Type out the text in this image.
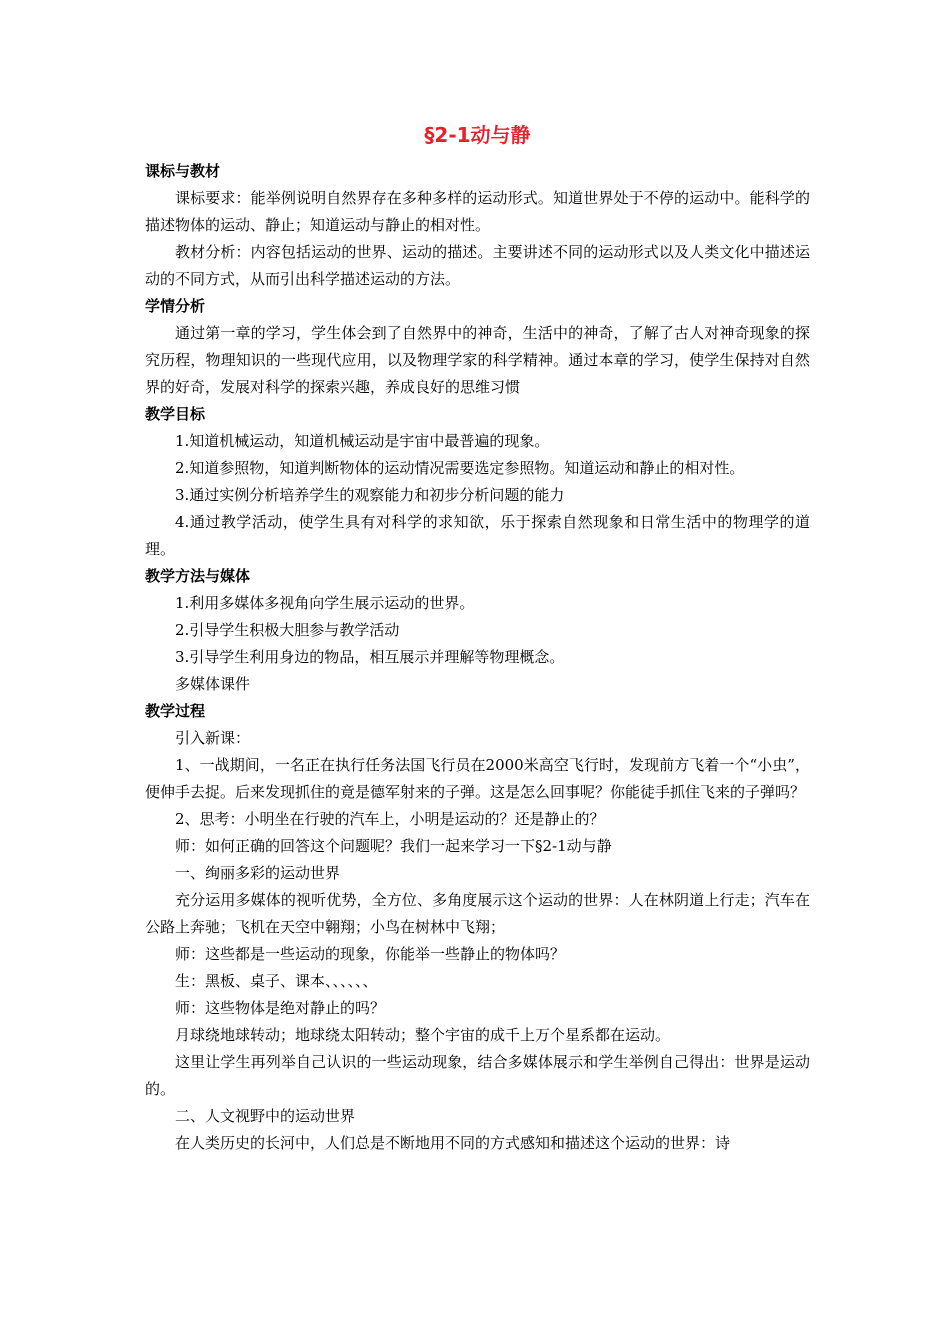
§2-1动与静
课标与教材
课标要求：能举例说明自然界存在多种多样的运动形式。知道世界处于不停的运动中。能科学的描述物体的运动、静止；知道运动与静止的相对性。
教材分析：内容包括运动的世界、运动的描述。主要讲述不同的运动形式以及人类文化中描述运动的不同方式，从而引出科学描述运动的方法。
学情分析
通过第一章的学习，学生体会到了自然界中的神奇，生活中的神奇，了解了古人对神奇现象的探究历程，物理知识的一些现代应用，以及物理学家的科学精神。通过本章的学习，使学生保持对自然界的好奇，发展对科学的探索兴趣，养成良好的思维习惯
教学目标
1.知道机械运动，知道机械运动是宇宙中最普遍的现象。
2.知道参照物，知道判断物体的运动情况需要选定参照物。知道运动和静止的相对性。
3.通过实例分析培养学生的观察能力和初步分析问题的能力
4.通过教学活动，使学生具有对科学的求知欲，乐于探索自然现象和日常生活中的物理学的道理。
教学方法与媒体
1.利用多媒体多视角向学生展示运动的世界。
2.引导学生积极大胆参与教学活动
3.引导学生利用身边的物品，相互展示并理解等物理概念。
多媒体课件
教学过程
引入新课：
1、一战期间，一名正在执行任务法国飞行员在2000米高空飞行时，发现前方飞着一个“小虫”，便伸手去捉。后来发现抓住的竟是德军射来的子弹。这是怎么回事呢？你能徒手抓住飞来的子弹吗？
2、思考：小明坐在行驶的汽车上，小明是运动的？还是静止的？
师：如何正确的回答这个问题呢？我们一起来学习一下§2-1动与静
一、绚丽多彩的运动世界
充分运用多媒体的视听优势，全方位、多角度展示这个运动的世界：人在林阴道上行走；汽车在公路上奔驰；飞机在天空中翱翔；小鸟在树林中飞翔；
师：这些都是一些运动的现象，你能举一些静止的物体吗？
生：黑板、桌子、课本、、、、、、
师：这些物体是绝对静止的吗？
月球绕地球转动；地球绕太阳转动；整个宇宙的成千上万个星系都在运动。
这里让学生再列举自己认识的一些运动现象，结合多媒体展示和学生举例自己得出：世界是运动的。
二、人文视野中的运动世界
在人类历史的长河中，人们总是不断地用不同的方式感知和描述这个运动的世界：诗
